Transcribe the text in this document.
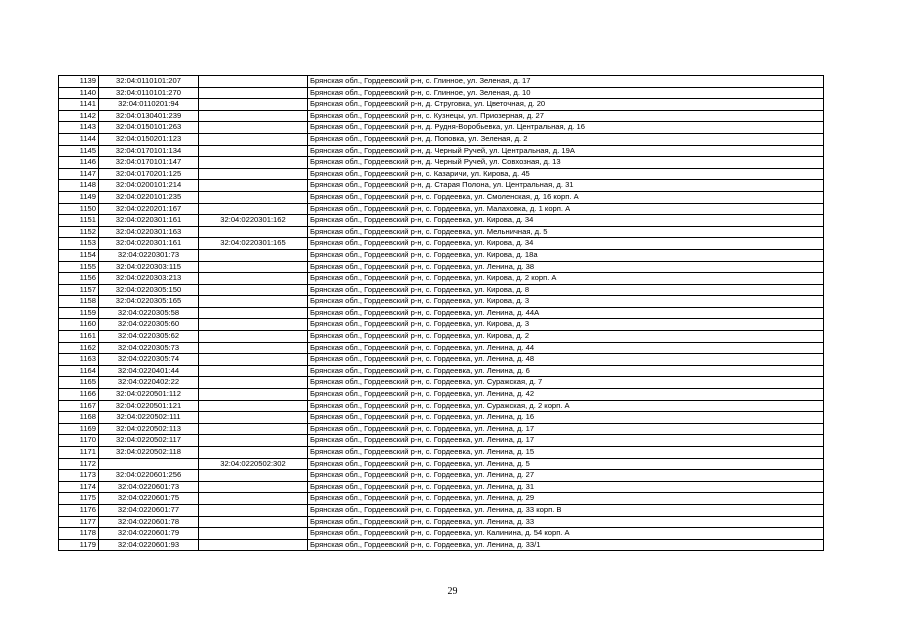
1139	32:04:0110101:207		Брянская обл., Гордеевский р-н, с. Глинное, ул. Зеленая, д. 17
1140	32:04:0110101:270		Брянская обл., Гордеевский р-н, с. Глинное, ул. Зеленая, д. 10
1141	32:04:0110201:94		Брянская обл., Гордеевский р-н, д. Струговка, ул. Цветочная, д. 20
1142	32:04:0130401:239		Брянская обл., Гордеевский р-н, с. Кузнецы, ул. Приозерная, д. 27
1143	32:04:0150101:263		Брянская обл., Гордеевский р-н, д. Рудня-Воробьевка, ул. Центральная, д. 16
1144	32:04:0150201:123		Брянская обл., Гордеевский р-н, д. Поповка, ул. Зеленая, д. 2
1145	32:04:0170101:134		Брянская обл., Гордеевский р-н, д. Черный Ручей, ул. Центральная, д. 19А
1146	32:04:0170101:147		Брянская обл., Гордеевский р-н, д. Черный Ручей, ул. Совхозная, д. 13
1147	32:04:0170201:125		Брянская обл., Гордеевский р-н, с. Казаричи, ул. Кирова, д. 45
1148	32:04:0200101:214		Брянская обл., Гордеевский р-н, д. Старая Полона, ул. Центральная, д. 31
1149	32:04:0220101:235		Брянская обл., Гордеевский р-н, с. Гордеевка, ул. Смоленская, д. 16 корп. А
1150	32:04:0220201:167		Брянская обл., Гордеевский р-н, с. Гордеевка, ул. Малаховка, д. 1 корп. А
1151	32:04:0220301:161	32:04:0220301:162	Брянская обл., Гордеевский р-н, с. Гордеевка, ул. Кирова, д. 34
1152	32:04:0220301:163		Брянская обл., Гордеевский р-н, с. Гордеевка, ул. Мельничная, д. 5
1153	32:04:0220301:161	32:04:0220301:165	Брянская обл., Гордеевский р-н, с. Гордеевка, ул. Кирова, д. 34
1154	32:04:0220301:73		Брянская обл., Гордеевский р-н, с. Гордеевка, ул. Кирова, д. 18а
1155	32:04:0220303:115		Брянская обл., Гордеевский р-н, с. Гордеевка, ул. Ленина, д. 38
1156	32:04:0220303:213		Брянская обл., Гордеевский р-н, с. Гордеевка, ул. Кирова, д. 2 корп. А
1157	32:04:0220305:150		Брянская обл., Гордеевский р-н, с. Гордеевка, ул. Кирова, д. 8
1158	32:04:0220305:165		Брянская обл., Гордеевский р-н, с. Гордеевка, ул. Кирова, д. 3
1159	32:04:0220305:58		Брянская обл., Гордеевский р-н, с. Гордеевка, ул. Ленина, д. 44А
1160	32:04:0220305:60		Брянская обл., Гордеевский р-н, с. Гордеевка, ул. Кирова, д. 3
1161	32:04:0220305:62		Брянская обл., Гордеевский р-н, с. Гордеевка, ул. Кирова, д. 2
1162	32:04:0220305:73		Брянская обл., Гордеевский р-н, с. Гордеевка, ул. Ленина, д. 44
1163	32:04:0220305:74		Брянская обл., Гордеевский р-н, с. Гордеевка, ул. Ленина, д. 48
1164	32:04:0220401:44		Брянская обл., Гордеевский р-н, с. Гордеевка, ул. Ленина, д. 6
1165	32:04:0220402:22		Брянская обл., Гордеевский р-н, с. Гордеевка, ул. Суражская, д. 7
1166	32:04:0220501:112		Брянская обл., Гордеевский р-н, с. Гордеевка, ул. Ленина, д. 42
1167	32:04:0220501:121		Брянская обл., Гордеевский р-н, с. Гордеевка, ул. Суражская, д. 2 корп. А
1168	32:04:0220502:111		Брянская обл., Гордеевский р-н, с. Гордеевка, ул. Ленина, д. 16
1169	32:04:0220502:113		Брянская обл., Гордеевский р-н, с. Гордеевка, ул. Ленина, д. 17
1170	32:04:0220502:117		Брянская обл., Гордеевский р-н, с. Гордеевка, ул. Ленина, д. 17
1171	32:04:0220502:118		Брянская обл., Гордеевский р-н, с. Гордеевка, ул. Ленина, д. 15
1172		32:04:0220502:302	Брянская обл., Гордеевский р-н, с. Гордеевка, ул. Ленина, д. 5
1173	32:04:0220601:256		Брянская обл., Гордеевский р-н, с. Гордеевка, ул. Ленина, д. 27
1174	32:04:0220601:73		Брянская обл., Гордеевский р-н, с. Гордеевка, ул. Ленина, д. 31
1175	32:04:0220601:75		Брянская обл., Гордеевский р-н, с. Гордеевка, ул. Ленина, д. 29
1176	32:04:0220601:77		Брянская обл., Гордеевский р-н, с. Гордеевка, ул. Ленина, д. 33 корп. В
1177	32:04:0220601:78		Брянская обл., Гордеевский р-н, с. Гордеевка, ул. Ленина, д. 33
1178	32:04:0220601:79		Брянская обл., Гордеевский р-н, с. Гордеевка, ул. Калинина, д. 54 корп. А
1179	32:04:0220601:93		Брянская обл., Гордеевский р-н, с. Гордеевка, ул. Ленина, д. 33/1
29
